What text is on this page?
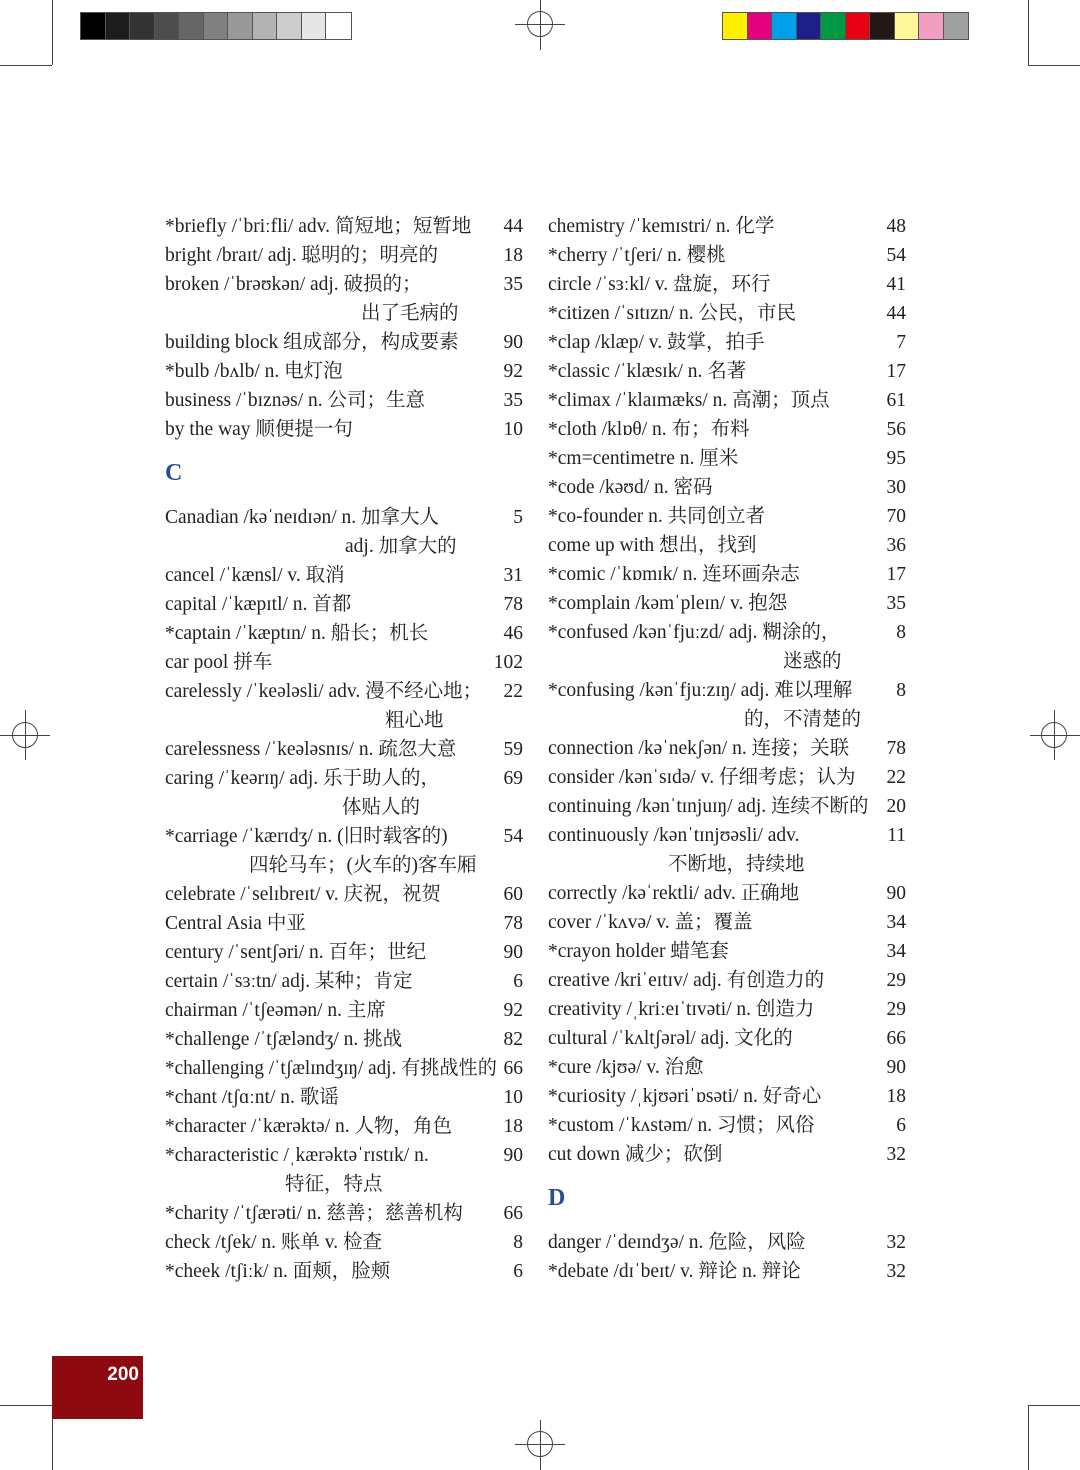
*briefly /ˈbriːfli/ adv. 简短地；短暂地 44
bright /braɪt/ adj. 聪明的；明亮的	18
broken /ˈbrəʊkən/ adj. 破损的；	35
出了毛病的
building block 组成部分，构成要素 90
*bulb /bʌlb/ n. 电灯泡	92
business /ˈbɪznəs/ n. 公司；生意	35
by the way 顺便提一句	10
C
Canadian /kəˈneɪdɪən/ n. 加拿大人	5
adj. 加拿大的
cancel /ˈkænsl/ v. 取消	31
capital /ˈkæpɪtl/ n. 首都	78
*captain /ˈkæptɪn/ n. 船长；机长	46
car pool 拼车	102
carelessly /ˈkeələsli/ adv. 漫不经心地； 22
粗心地
carelessness /ˈkeələsnɪs/ n. 疏忽大意 59
caring /ˈkeərɪŋ/ adj. 乐于助人的，	69
体贴人的
*carriage /ˈkærɪdʒ/ n. (旧时载客的)	54
四轮马车；(火车的)客车厢
celebrate /ˈselɪbreɪt/ v. 庆祝，祝贺	60
Central Asia 中亚	78
century /ˈsentʃəri/ n. 百年；世纪	90
certain /ˈsɜːtn/ adj. 某种；肯定	6
chairman /ˈtʃeəmən/ n. 主席	92
*challenge /ˈtʃæləndʒ/ n. 挑战	82
*challenging /ˈtʃælɪndʒɪŋ/ adj. 有挑战性的 66
*chant /tʃɑːnt/ n. 歌谣	10
*character /ˈkærəktə/ n. 人物，角色	18
*characteristic /ˌkærəktəˈrɪstɪk/ n.	90
特征，特点
*charity /ˈtʃærəti/ n. 慈善；慈善机构 66
check /tʃek/ n. 账单 v. 检查	8
*cheek /tʃiːk/ n. 面颊，脸颊	6
chemistry /ˈkemɪstri/ n. 化学	48
*cherry /ˈtʃeri/ n. 樱桃	54
circle /ˈsɜːkl/ v. 盘旋，环行	41
*citizen /ˈsɪtɪzn/ n. 公民，市民	44
*clap /klæp/ v. 鼓掌，拍手	7
*classic /ˈklæsɪk/ n. 名著	17
*climax /ˈklaɪmæks/ n. 高潮；顶点	61
*cloth /klɒθ/ n. 布；布料	56
*cm=centimetre n. 厘米	95
*code /kəʊd/ n. 密码	30
*co-founder n. 共同创立者	70
come up with 想出，找到	36
*comic /ˈkɒmɪk/ n. 连环画杂志	17
*complain /kəmˈpleɪn/ v. 抱怨	35
*confused /kənˈfjuːzd/ adj. 糊涂的，	8
迷惑的
*confusing /kənˈfjuːzɪŋ/ adj. 难以理解 8
的，不清楚的
connection /kəˈnekʃən/ n. 连接；关联 78
consider /kənˈsɪdə/ v. 仔细考虑；认为 22
continuing /kənˈtɪnjuɪŋ/ adj. 连续不断的 20
continuously /kənˈtɪnjʊəsli/ adv.	11
不断地，持续地
correctly /kəˈrektli/ adv. 正确地	90
cover /ˈkʌvə/ v. 盖；覆盖	34
*crayon holder 蜡笔套	34
creative /kriˈeɪtɪv/ adj. 有创造力的	29
creativity /ˌkriːeɪˈtɪvəti/ n. 创造力	29
cultural /ˈkʌltʃərəl/ adj. 文化的	66
*cure /kjʊə/ v. 治愈	90
*curiosity /ˌkjʊəriˈɒsəti/ n. 好奇心	18
*custom /ˈkʌstəm/ n. 习惯；风俗	6
cut down 减少；砍倒	32
D
danger /ˈdeɪndʒə/ n. 危险，风险	32
*debate /dɪˈbeɪt/ v. 辩论 n. 辩论	32
200
